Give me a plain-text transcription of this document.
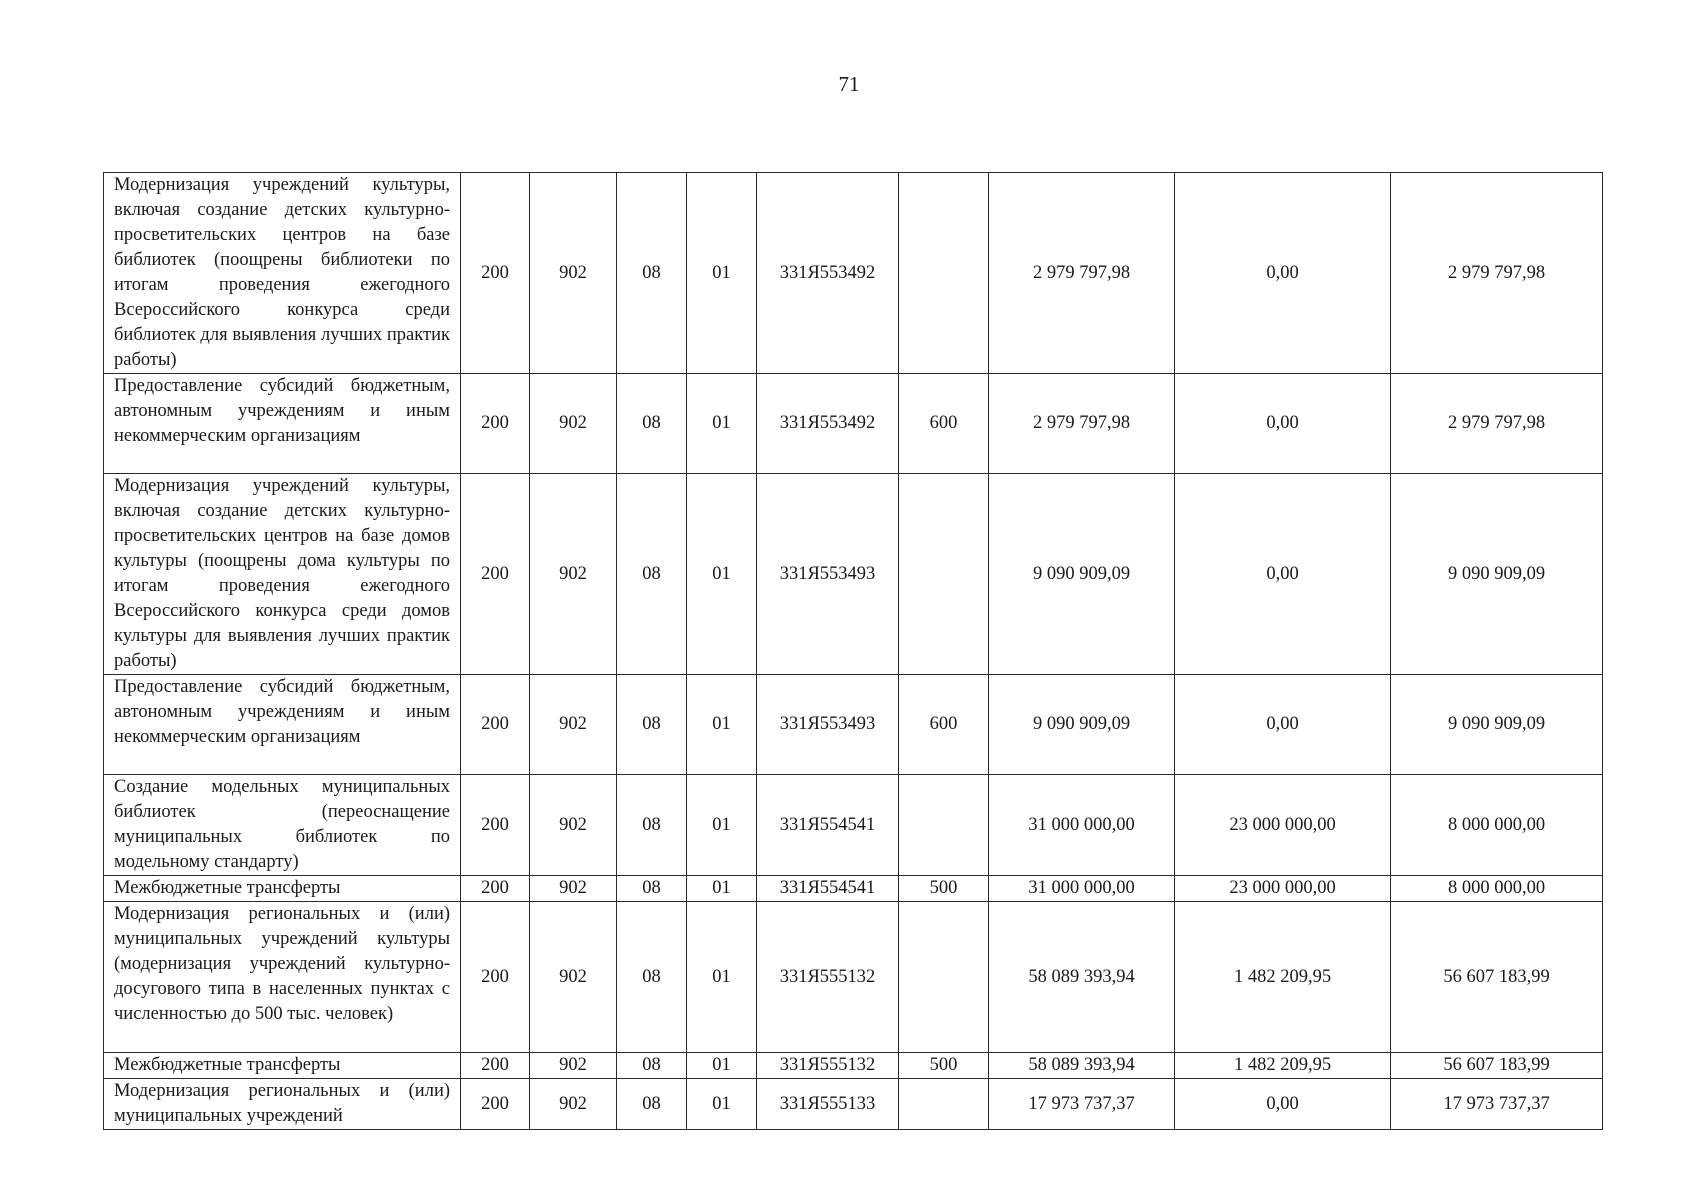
71
Модернизация учреждений культуры, включая создание детских культурно-просветительских центров на базе библиотек (поощрены библиотеки по итогам проведения ежегодного Всероссийского конкурса среди библиотек для выявления лучших практик работы)	200	902	08	01	331Я553492		2 979 797,98	0,00	2 979 797,98

Предоставление субсидий бюджетным, автономным учреждениям и иным некоммерческим организациям	200	902	08	01	331Я553492	600	2 979 797,98	0,00	2 979 797,98

Модернизация учреждений культуры, включая создание детских культурно-просветительских центров на базе домов культуры (поощрены дома культуры по итогам проведения ежегодного Всероссийского конкурса среди домов культуры для выявления лучших практик работы)	200	902	08	01	331Я553493		9 090 909,09	0,00	9 090 909,09

Предоставление субсидий бюджетным, автономным учреждениям и иным некоммерческим организациям	200	902	08	01	331Я553493	600	9 090 909,09	0,00	9 090 909,09

Создание модельных муниципальных библиотек (переоснащение муниципальных библиотек по модельному стандарту)	200	902	08	01	331Я554541		31 000 000,00	23 000 000,00	8 000 000,00

Межбюджетные трансферты	200	902	08	01	331Я554541	500	31 000 000,00	23 000 000,00	8 000 000,00

Модернизация региональных и (или) муниципальных учреждений культуры (модернизация учреждений культурно-досугового типа в населенных пунктах с численностью до 500 тыс. человек)	200	902	08	01	331Я555132		58 089 393,94	1 482 209,95	56 607 183,99

Межбюджетные трансферты	200	902	08	01	331Я555132	500	58 089 393,94	1 482 209,95	56 607 183,99

Модернизация региональных и (или) муниципальных учреждений	200	902	08	01	331Я555133		17 973 737,37	0,00	17 973 737,37
